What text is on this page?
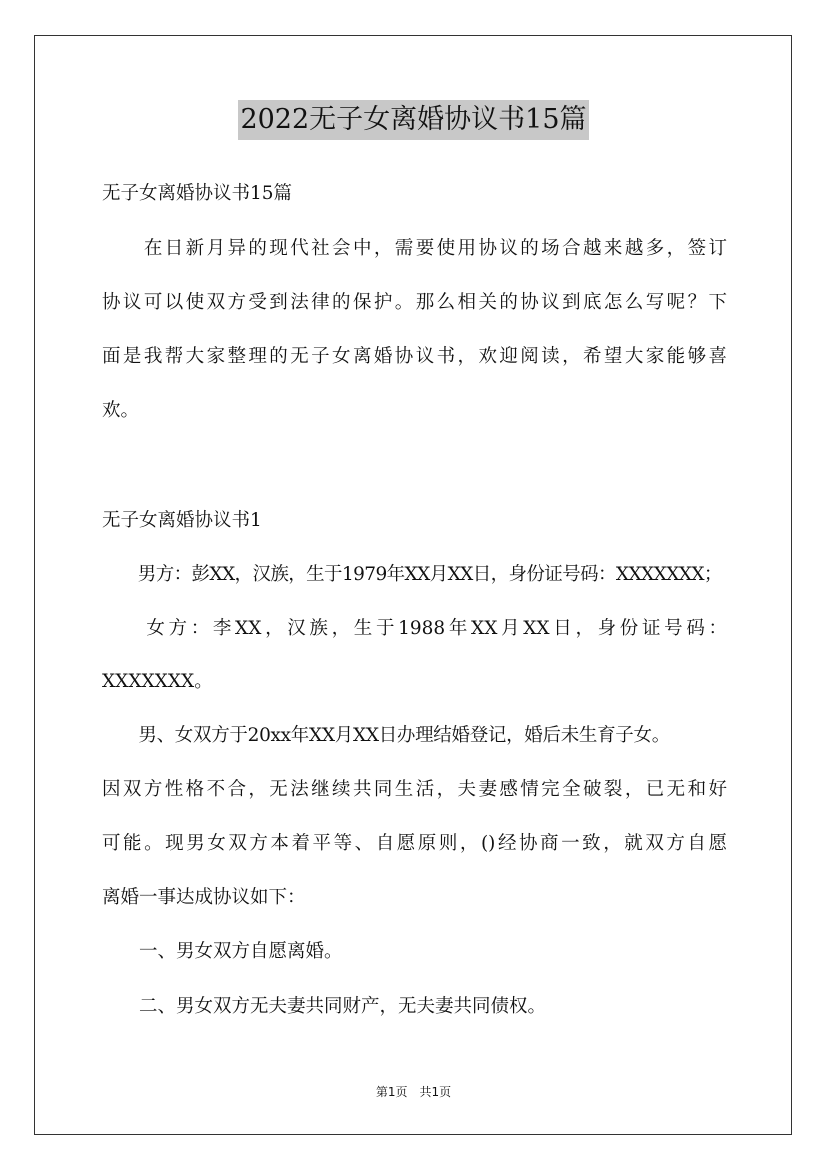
2022无子女离婚协议书15篇
无子女离婚协议书15篇
　　在日新月异的现代社会中，需要使用协议的场合越来越多，签订
协议可以使双方受到法律的保护。那么相关的协议到底怎么写呢？下
面是我帮大家整理的无子女离婚协议书，欢迎阅读，希望大家能够喜
欢。
无子女离婚协议书1
　　男方：彭XX，汉族，生于1979年XX月XX日，身份证号码：XXXXXXX；
　　女方：李XX，汉族，生于1988年XX月XX日，身份证号码：
XXXXXXX。
　　男、女双方于20xx年XX月XX日办理结婚登记，婚后未生育子女。
因双方性格不合，无法继续共同生活，夫妻感情完全破裂，已无和好
可能。现男女双方本着平等、自愿原则，()经协商一致，就双方自愿
离婚一事达成协议如下：
　　一、男女双方自愿离婚。
　　二、男女双方无夫妻共同财产，无夫妻共同债权。
第1页　共1页
